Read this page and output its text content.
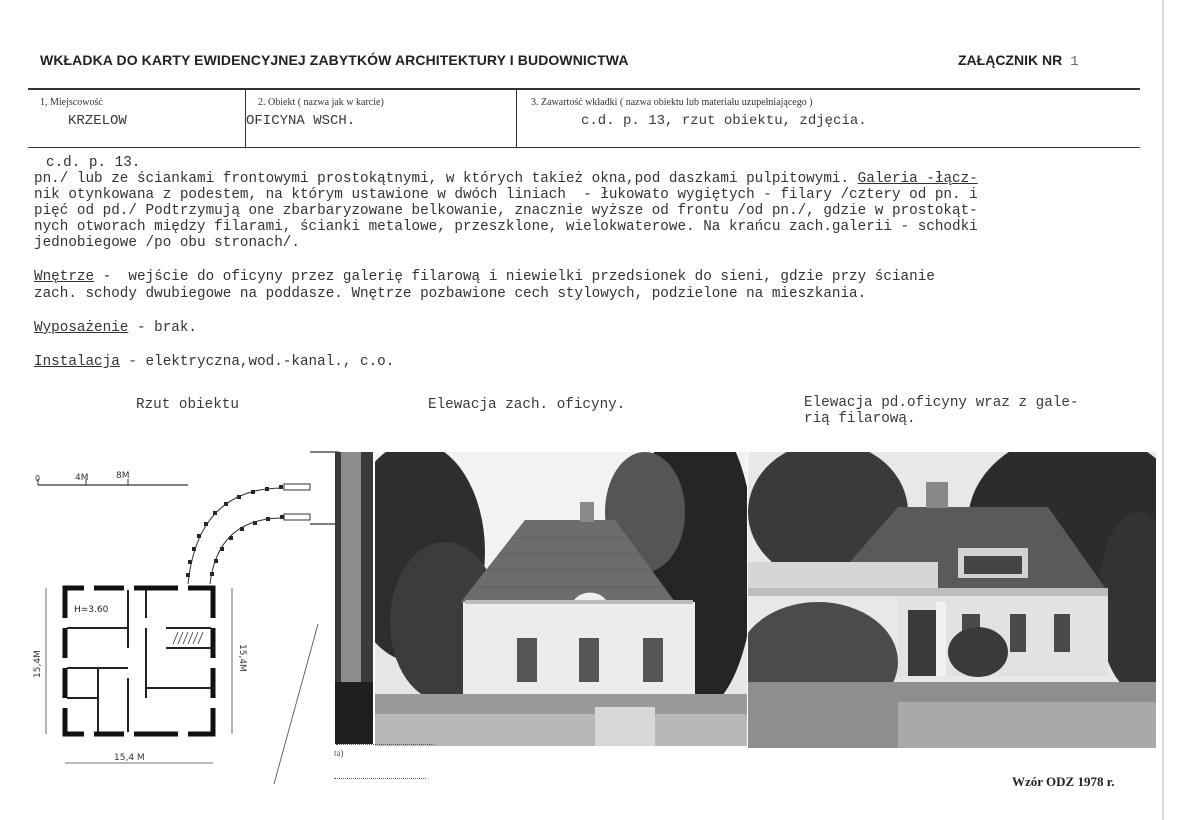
WKŁADKA DO KARTY EWIDENCYJNEJ ZABYTKÓW ARCHITEKTURY I BUDOWNICTWA	ZAŁĄCZNIK NR 1
1, Miejscowość
KRZELOW
2. Obiekt ( nazwa jak w karcie)
OFICYNA WSCH.
3. Zawartość wkładki ( nazwa obiektu lub materiału uzupełniającego )
c.d. p. 13, rzut obiektu, zdjęcia.
c.d. p. 13.
pn./ lub ze ściankami frontowymi prostokątnymi, w których takież okna,pod daszkami pulpitowymi. Galeria -łącz-
nik otynkowana z podestem, na którym ustawione w dwóch liniach  - łukowato wygiętych - filary /cztery od pn. i
pięć od pd./ Podtrzymują one zbarbaryzowane belkowanie, znacznie wyższe od frontu /od pn./, gdzie w prostokąt-
nych otworach między filarami, ścianki metalowe, przeszklone, wielokwaterowe. Na krańcu zach.galerii - schodki
jednobiegowe /po obu stronach/.
Wnętrze -  wejście do oficyny przez galerię filarową i niewielki przedsionek do sieni, gdzie przy ścianie
zach. schody dwubiegowe na poddasze. Wnętrze pozbawione cech stylowych, podzielone na mieszkania.
Wyposażenie - brak.
Instalacja - elektryczna,wod.-kanal., c.o.
Rzut obiektu	Elewacja zach. oficyny.	Elewacja pd.oficyny wraz z gale-
rią filarową.
0	4M	8M
H=3.60
15,4M	15,4M
15,4 M	ta)
Wzór ODZ 1978 r.
